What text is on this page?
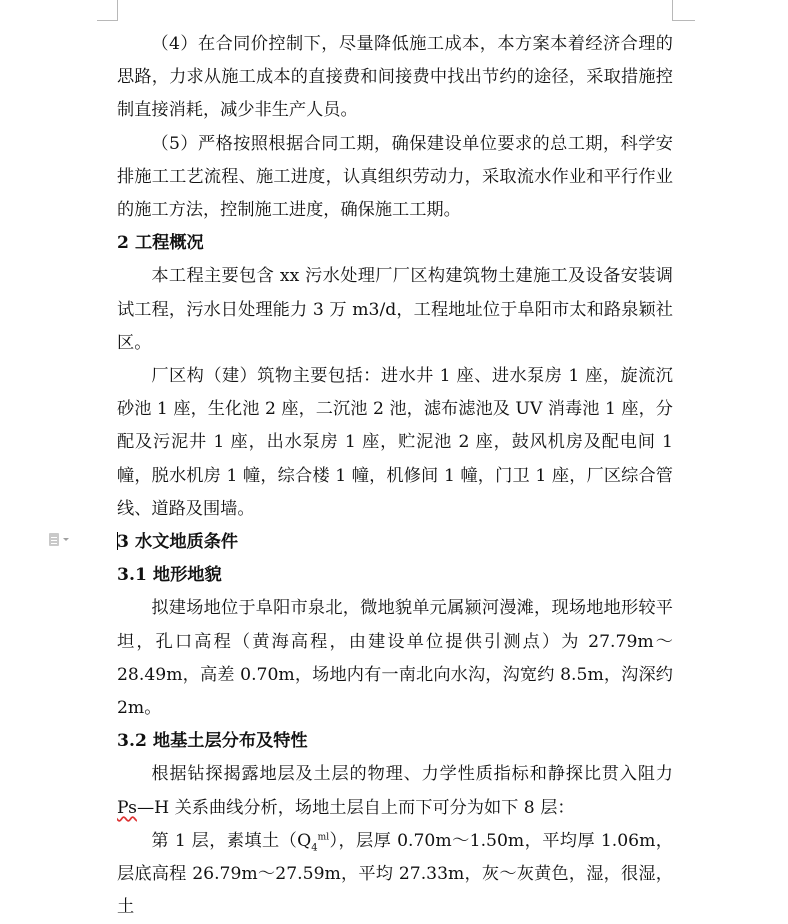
（4）在合同价控制下，尽量降低施工成本，本方案本着经济合理的思路，力求从施工成本的直接费和间接费中找出节约的途径，采取措施控制直接消耗，减少非生产人员。

（5）严格按照根据合同工期，确保建设单位要求的总工期，科学安排施工工艺流程、施工进度，认真组织劳动力，采取流水作业和平行作业的施工方法，控制施工进度，确保施工工期。

2 工程概况

本工程主要包含 xx 污水处理厂厂区构建筑物土建施工及设备安装调试工程，污水日处理能力 3 万 m3/d，工程地址位于阜阳市太和路泉颖社区。

厂区构（建）筑物主要包括：进水井 1 座、进水泵房 1 座，旋流沉砂池 1 座，生化池 2 座，二沉池 2 池，滤布滤池及 UV 消毒池 1 座，分配及污泥井 1 座，出水泵房 1 座，贮泥池 2 座，鼓风机房及配电间 1 幢，脱水机房 1 幢，综合楼 1 幢，机修间 1 幢，门卫 1 座，厂区综合管线、道路及围墙。

3 水文地质条件

3.1 地形地貌

拟建场地位于阜阳市泉北，微地貌单元属颍河漫滩，现场地地形较平坦，孔口高程（黄海高程，由建设单位提供引测点）为 27.79m～28.49m，高差 0.70m，场地内有一南北向水沟，沟宽约 8.5m，沟深约 2m。

3.2 地基土层分布及特性

根据钻探揭露地层及土层的物理、力学性质指标和静探比贯入阻力 Ps—H 关系曲线分析，场地土层自上而下可分为如下 8 层：

第 1 层，素填土$(Q_4^{ml})$，层厚 0.70m～1.50m，平均厚 1.06m，层底高程 26.79m～27.59m，平均 27.33m，灰～灰黄色，湿，很湿，土
